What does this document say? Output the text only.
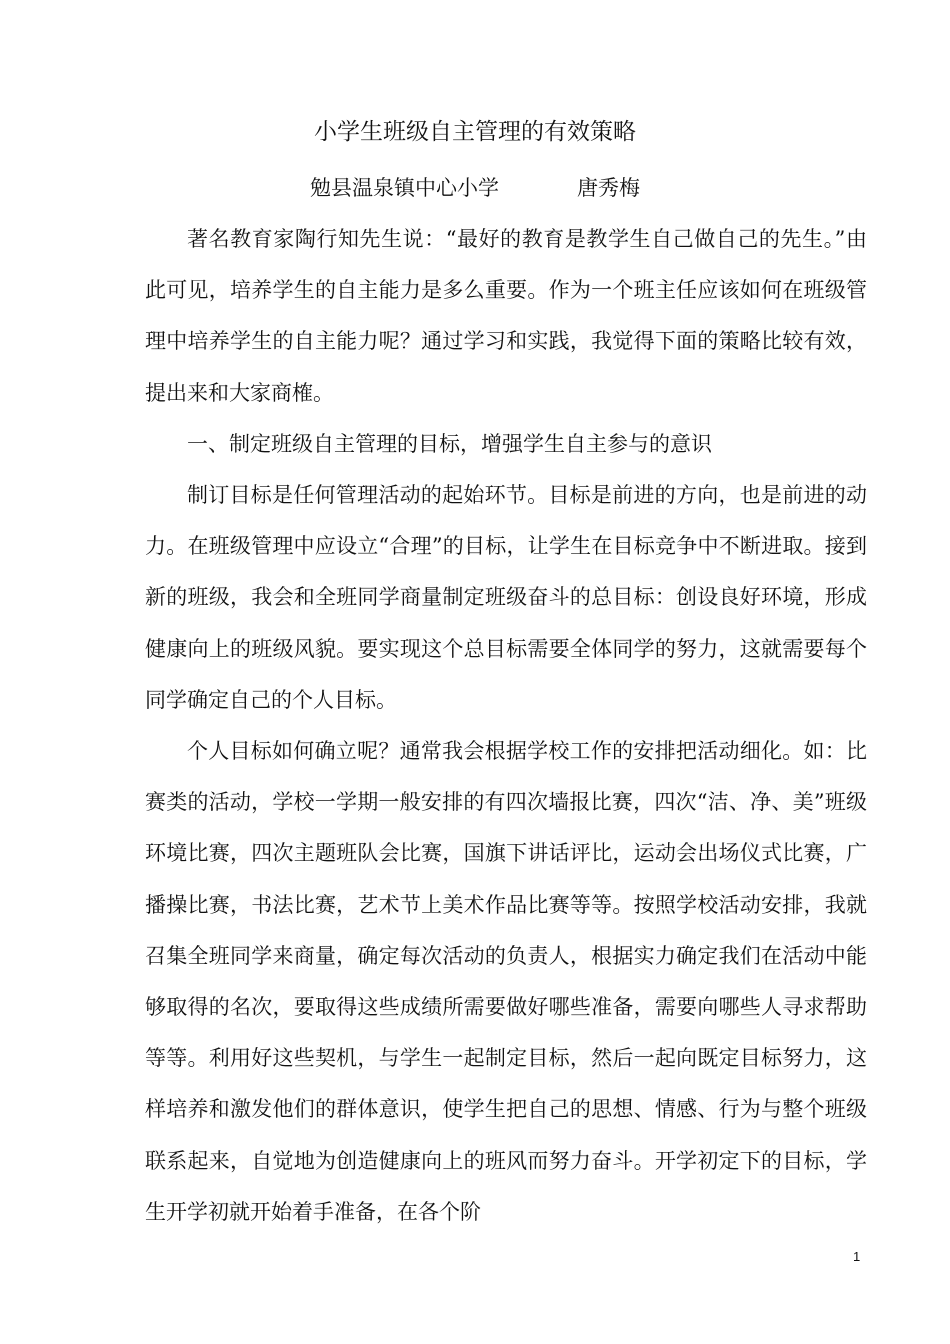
小学生班级自主管理的有效策略
勉县温泉镇中心小学	唐秀梅

著名教育家陶行知先生说：“最好的教育是教学生自己做自己的先生。”由此可见，培养学生的自主能力是多么重要。作为一个班主任应该如何在班级管理中培养学生的自主能力呢？通过学习和实践，我觉得下面的策略比较有效，提出来和大家商榷。

一、制定班级自主管理的目标，增强学生自主参与的意识

制订目标是任何管理活动的起始环节。目标是前进的方向，也是前进的动力。在班级管理中应设立“合理”的目标，让学生在目标竞争中不断进取。接到新的班级，我会和全班同学商量制定班级奋斗的总目标：创设良好环境，形成健康向上的班级风貌。要实现这个总目标需要全体同学的努力，这就需要每个同学确定自己的个人目标。

个人目标如何确立呢？通常我会根据学校工作的安排把活动细化。如：比赛类的活动，学校一学期一般安排的有四次墙报比赛，四次“洁、净、美”班级环境比赛，四次主题班队会比赛，国旗下讲话评比，运动会出场仪式比赛，广播操比赛，书法比赛，艺术节上美术作品比赛等等。按照学校活动安排，我就召集全班同学来商量，确定每次活动的负责人，根据实力确定我们在活动中能够取得的名次，要取得这些成绩所需要做好哪些准备，需要向哪些人寻求帮助等等。利用好这些契机，与学生一起制定目标，然后一起向既定目标努力，这样培养和激发他们的群体意识，使学生把自己的思想、情感、行为与整个班级联系起来，自觉地为创造健康向上的班风而努力奋斗。开学初定下的目标，学生开学初就开始着手准备，在各个阶

1
